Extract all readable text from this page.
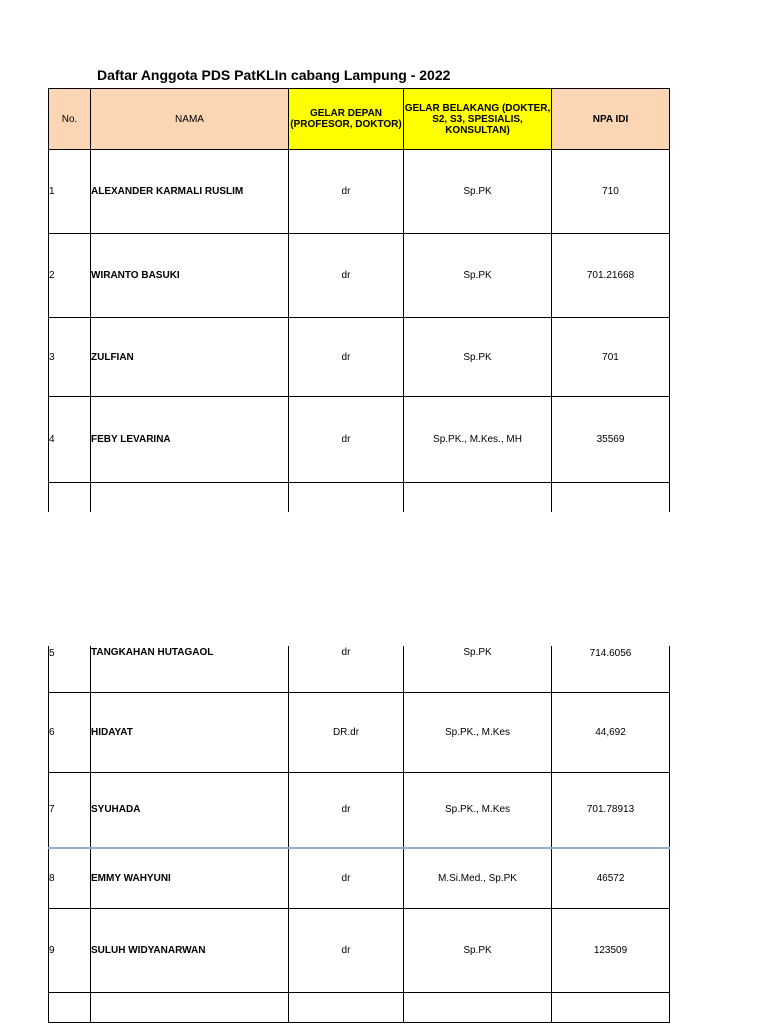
Daftar Anggota PDS PatKLIn cabang Lampung - 2022
No.	NAMA	GELAR DEPAN (PROFESOR, DOKTOR)	GELAR BELAKANG (DOKTER, S2, S3, SPESIALIS, KONSULTAN)	NPA IDI
1	ALEXANDER KARMALI RUSLIM	dr	Sp.PK	710
2	WIRANTO BASUKI	dr	Sp.PK	701.21668
3	ZULFIAN	dr	Sp.PK	701
4	FEBY LEVARINA	dr	Sp.PK., M.Kes., MH	35569

5	TANGKAHAN HUTAGAOL	dr	Sp.PK	714.6056
6	HIDAYAT	DR.dr	Sp.PK., M.Kes	44,692
7	SYUHADA	dr	Sp.PK., M.Kes	701.78913
8	EMMY WAHYUNI	dr	M.Si.Med., Sp.PK	46572
9	SULUH WIDYANARWAN	dr	Sp.PK	123509
